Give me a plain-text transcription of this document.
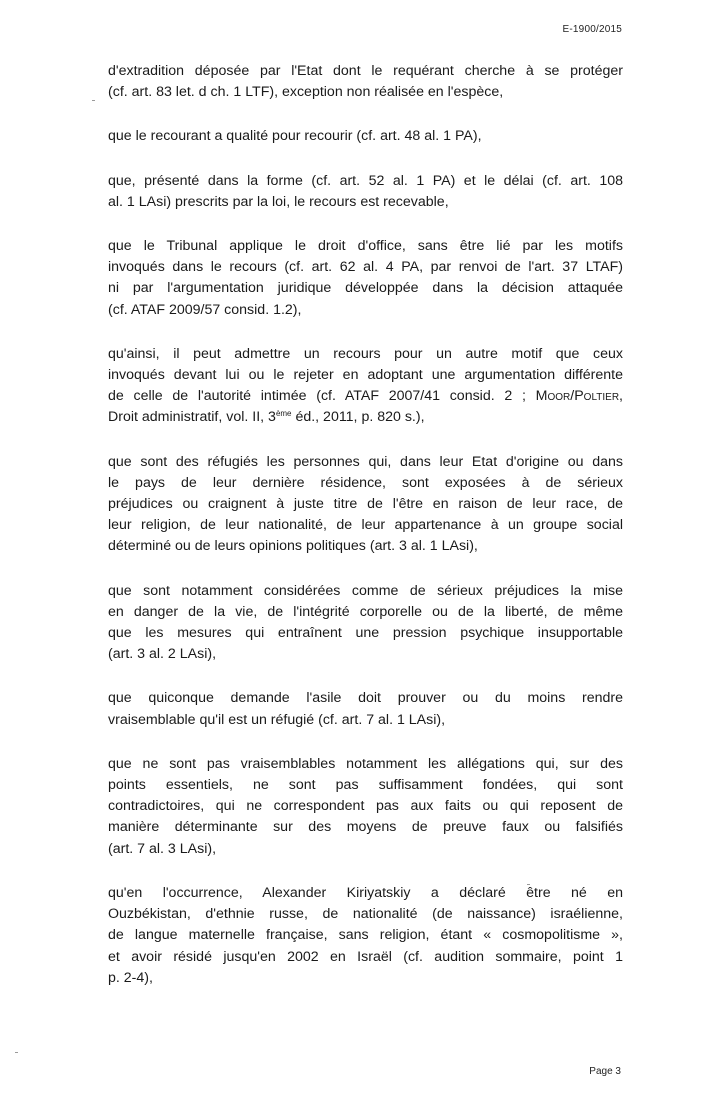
E-1900/2015

d'extradition déposée par l'Etat dont le requérant cherche à se protéger
(cf. art. 83 let. d ch. 1 LTF), exception non réalisée en l'espèce,

que le recourant a qualité pour recourir (cf. art. 48 al. 1 PA),

que, présenté dans la forme (cf. art. 52 al. 1 PA) et le délai (cf. art. 108
al. 1 LAsi) prescrits par la loi, le recours est recevable,

que le Tribunal applique le droit d'office, sans être lié par les motifs
invoqués dans le recours (cf. art. 62 al. 4 PA, par renvoi de l'art. 37 LTAF)
ni par l'argumentation juridique développée dans la décision attaquée
(cf. ATAF 2009/57 consid. 1.2),

qu'ainsi, il peut admettre un recours pour un autre motif que ceux
invoqués devant lui ou le rejeter en adoptant une argumentation différente
de celle de l'autorité intimée (cf. ATAF 2007/41 consid. 2 ; Moor/Poltier,
Droit administratif, vol. II, 3ème éd., 2011, p. 820 s.),

que sont des réfugiés les personnes qui, dans leur Etat d'origine ou dans
le pays de leur dernière résidence, sont exposées à de sérieux
préjudices ou craignent à juste titre de l'être en raison de leur race, de
leur religion, de leur nationalité, de leur appartenance à un groupe social
déterminé ou de leurs opinions politiques (art. 3 al. 1 LAsi),

que sont notamment considérées comme de sérieux préjudices la mise
en danger de la vie, de l'intégrité corporelle ou de la liberté, de même
que les mesures qui entraînent une pression psychique insupportable
(art. 3 al. 2 LAsi),

que quiconque demande l'asile doit prouver ou du moins rendre
vraisemblable qu'il est un réfugié (cf. art. 7 al. 1 LAsi),

que ne sont pas vraisemblables notamment les allégations qui, sur des
points essentiels, ne sont pas suffisamment fondées, qui sont
contradictoires, qui ne correspondent pas aux faits ou qui reposent de
manière déterminante sur des moyens de preuve faux ou falsifiés
(art. 7 al. 3 LAsi),

qu'en l'occurrence, Alexander Kiriyatskiy a déclaré être né en
Ouzbékistan, d'ethnie russe, de nationalité (de naissance) israélienne,
de langue maternelle française, sans religion, étant « cosmopolitisme »,
et avoir résidé jusqu'en 2002 en Israël (cf. audition sommaire, point 1
p. 2-4),

Page 3
